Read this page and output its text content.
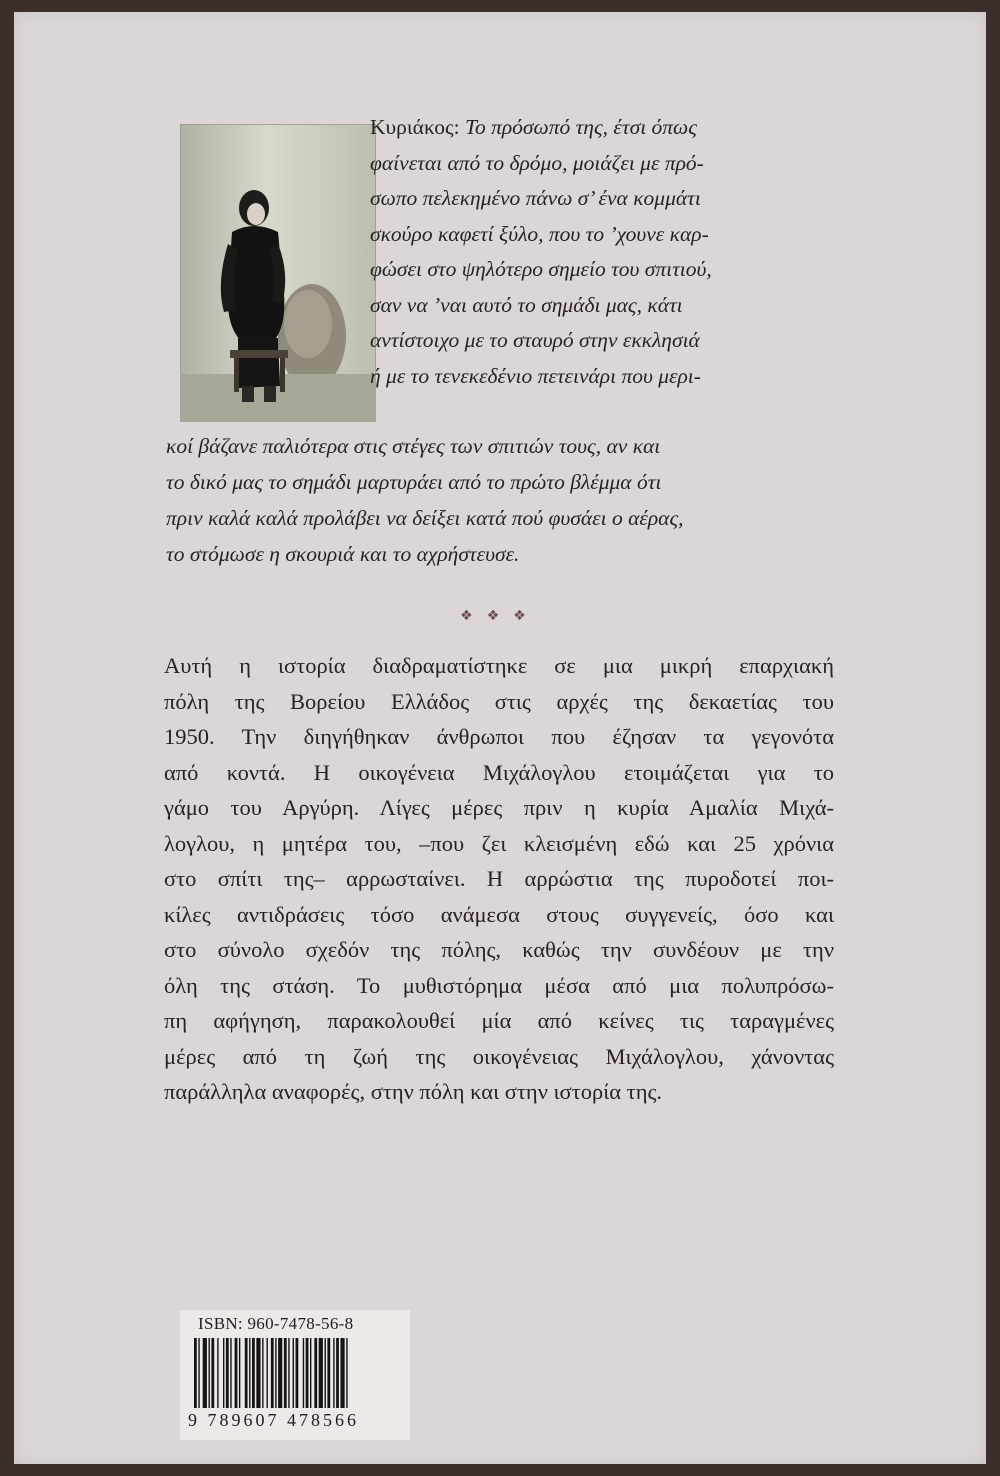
❖❖❖
ISBN: 960-7478-56-8
9 789607 478566
Κυριάκος: Το πρόσωπό της, έτσι όπως
φαίνεται από το δρόμο, μοιάζει με πρό-
σωπο πελεκημένο πάνω σ’ ένα κομμάτι
σκούρο καφετί ξύλο, που το ’χουνε καρ-
φώσει στο ψηλότερο σημείο του σπιτιού,
σαν να ’ναι αυτό το σημάδι μας, κάτι
αντίστοιχο με το σταυρό στην εκκλησιά
ή με το τενεκεδένιο πετεινάρι που μερι-
κοί βάζανε παλιότερα στις στέγες των σπιτιών τους, αν και
το δικό μας το σημάδι μαρτυράει από το πρώτο βλέμμα ότι
πριν καλά καλά προλάβει να δείξει κατά πού φυσάει ο αέρας,
το στόμωσε η σκουριά και το αχρήστευσε.
Αυτή η ιστορία διαδραματίστηκε σε μια μικρή επαρχιακή
πόλη της Βορείου Ελλάδος στις αρχές της δεκαετίας του
1950. Την διηγήθηκαν άνθρωποι που έζησαν τα γεγονότα
από κοντά. Η οικογένεια Μιχάλογλου ετοιμάζεται για το
γάμο του Αργύρη. Λίγες μέρες πριν η κυρία Αμαλία Μιχά-
λογλου, η μητέρα του, –που ζει κλεισμένη εδώ και 25 χρόνια
στο σπίτι της– αρρωσταίνει. Η αρρώστια της πυροδοτεί ποι-
κίλες αντιδράσεις τόσο ανάμεσα στους συγγενείς, όσο και
στο σύνολο σχεδόν της πόλης, καθώς την συνδέουν με την
όλη της στάση. Το μυθιστόρημα μέσα από μια πολυπρόσω-
πη αφήγηση, παρακολουθεί μία από κείνες τις ταραγμένες
μέρες από τη ζωή της οικογένειας Μιχάλογλου, χάνοντας
παράλληλα αναφορές, στην πόλη και στην ιστορία της.
